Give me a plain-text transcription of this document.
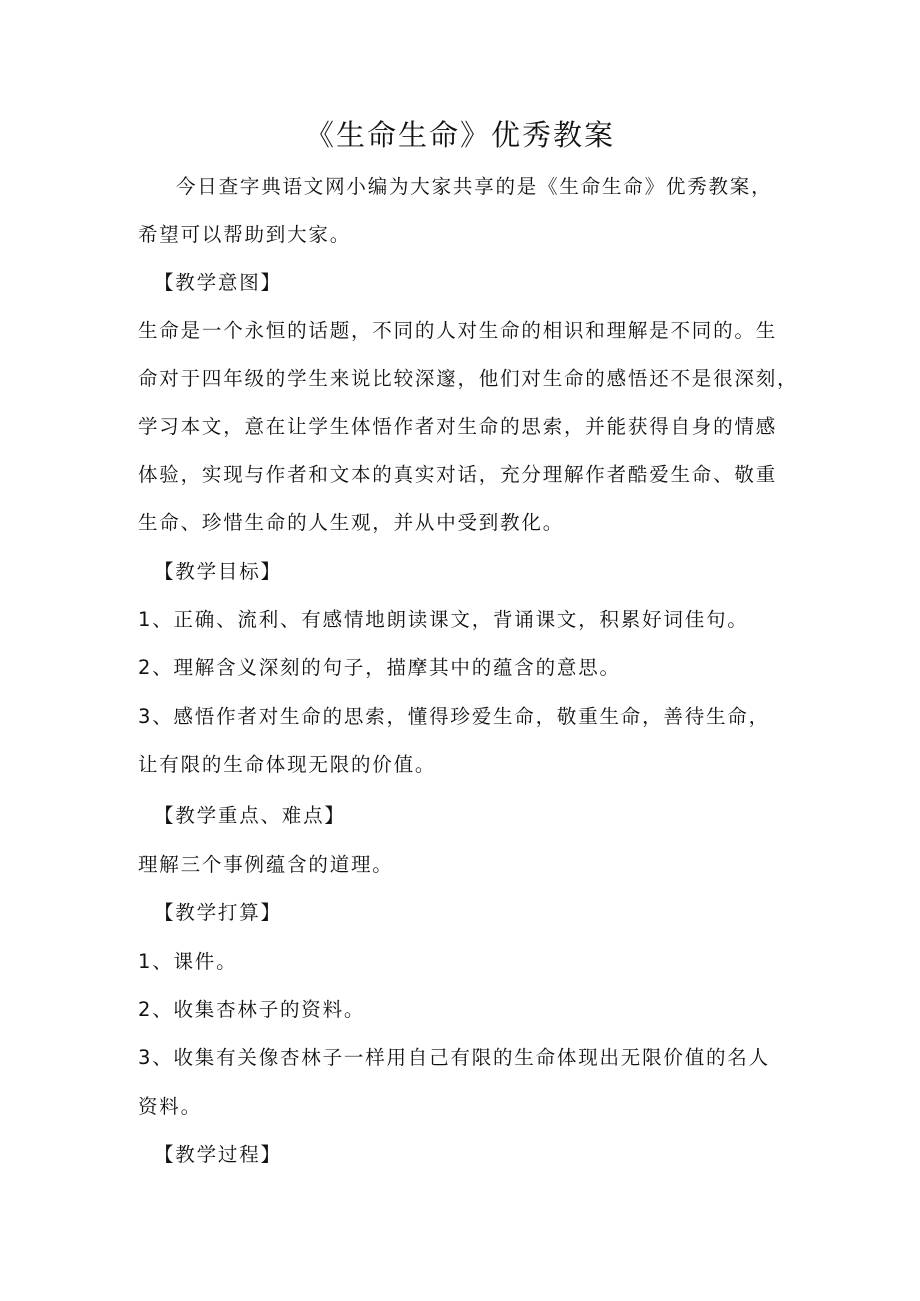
《生命生命》优秀教案
今日查字典语文网小编为大家共享的是《生命生命》优秀教案，
希望可以帮助到大家。
【教学意图】
生命是一个永恒的话题，不同的人对生命的相识和理解是不同的。生
命对于四年级的学生来说比较深邃，他们对生命的感悟还不是很深刻，
学习本文，意在让学生体悟作者对生命的思索，并能获得自身的情感
体验，实现与作者和文本的真实对话，充分理解作者酷爱生命、敬重
生命、珍惜生命的人生观，并从中受到教化。
【教学目标】
1、正确、流利、有感情地朗读课文，背诵课文，积累好词佳句。
2、理解含义深刻的句子，描摩其中的蕴含的意思。
3、感悟作者对生命的思索，懂得珍爱生命，敬重生命，善待生命，
让有限的生命体现无限的价值。
【教学重点、难点】
理解三个事例蕴含的道理。
【教学打算】
1、课件。
2、收集杏林子的资料。
3、收集有关像杏林子一样用自己有限的生命体现出无限价值的名人
资料。
【教学过程】
